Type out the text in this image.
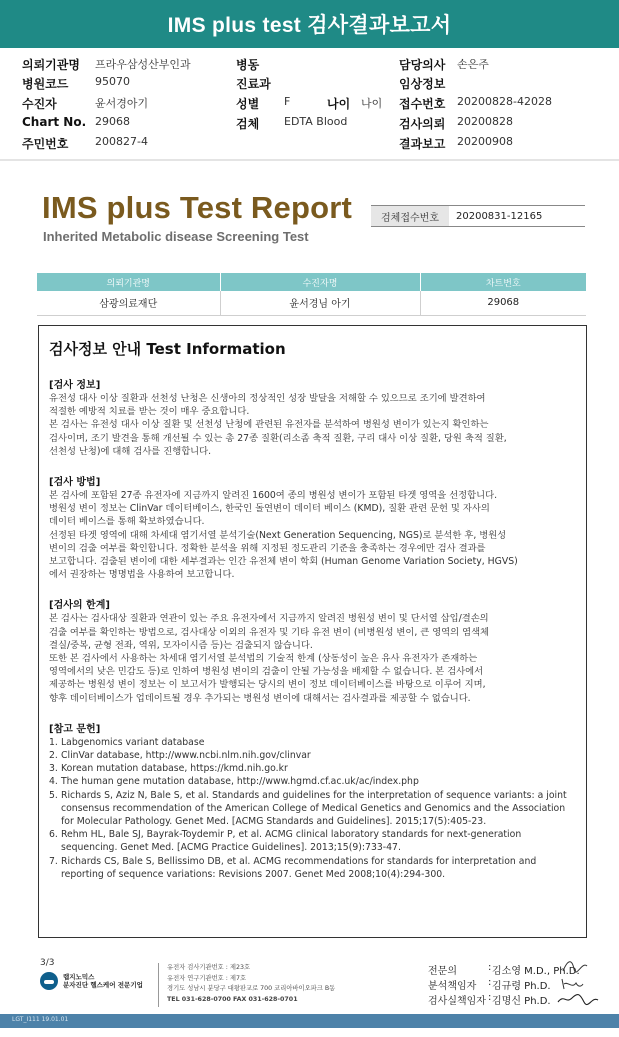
IMS plus test 검사결과보고서
의뢰기관명 프라우삼성산부인과	병동	담당의사 손은주
병원코드 95070	진료과	임상정보
수진자	윤서경아기	성별 F	나이 나이 접수번호 20200828-42028
Chart No. 29068	검체 EDTA Blood	검사의뢰 20200828
주민번호 200827-4	결과보고 20200908
IMS plus Test Report
Inherited Metabolic disease Screening Test
검체접수번호	20200831-12165
의뢰기관명	수진자명	차트번호
삼광의료재단	윤서경님 아기	29068
검사정보 안내 Test Information
[검사 정보]
유전성 대사 이상 질환과 선천성 난청은 신생아의 정상적인 성장 발달을 저해할 수 있으므로 조기에 발견하여
적절한 예방적 치료를 받는 것이 매우 중요합니다.
본 검사는 유전성 대사 이상 질환 및 선천성 난청에 관련된 유전자를 분석하여 병원성 변이가 있는지 확인하는
검사이며, 조기 발견을 통해 개선될 수 있는 총 27종 질환(리소좀 축적 질환, 구리 대사 이상 질환, 당원 축적 질환,
선천성 난청)에 대해 검사를 진행합니다.
[검사 방법]
본 검사에 포함된 27종 유전자에 지금까지 알려진 1600여 종의 병원성 변이가 포함된 타겟 영역을 선정합니다.
병원성 변이 정보는 ClinVar 데이터베이스, 한국인 돌연변이 데이터 베이스 (KMD), 질환 관련 문헌 및 자사의
데이터 베이스를 통해 확보하였습니다.
선정된 타겟 영역에 대해 차세대 염기서열 분석기술(Next Generation Sequencing, NGS)로 분석한 후, 병원성
변이의 검출 여부를 확인합니다. 정확한 분석을 위해 지정된 정도관리 기준을 충족하는 경우에만 검사 결과를
보고합니다. 검출된 변이에 대한 세부결과는 인간 유전체 변이 학회 (Human Genome Variation Society, HGVS)
에서 권장하는 명명법을 사용하여 보고합니다.
[검사의 한계]
본 검사는 검사대상 질환과 연관이 있는 주요 유전자에서 지금까지 알려진 병원성 변이 및 단서열 삽입/결손의
검출 여부를 확인하는 방법으로, 검사대상 이외의 유전자 및 기타 유전 변이 (비병원성 변이, 큰 영역의 염색체
결실/중복, 균형 전좌, 역위, 모자이시즘 등)는 검출되지 않습니다.
또한 본 검사에서 사용하는 차세대 염기서열 분석법의 기술적 한계 (상동성이 높은 유사 유전자가 존재하는
영역에서의 낮은 민감도 등)로 인하여 병원성 변이의 검출이 안될 가능성을 배제할 수 없습니다. 본 검사에서
제공하는 병원성 변이 정보는 이 보고서가 발행되는 당시의 변이 정보 데이터베이스를 바탕으로 이루어 지며,
향후 데이터베이스가 업데이트될 경우 추가되는 병원성 변이에 대해서는 검사결과를 제공할 수 없습니다.
[참고 문헌]
1. Labgenomics variant database
2. ClinVar database, http://www.ncbi.nlm.nih.gov/clinvar
3. Korean mutation database, https://kmd.nih.go.kr
4. The human gene mutation database, http://www.hgmd.cf.ac.uk/ac/index.php
5. Richards S, Aziz N, Bale S, et al. Standards and guidelines for the interpretation of sequence variants: a joint consensus recommendation of the American College of Medical Genetics and Genomics and the Association for Molecular Pathology. Genet Med. [ACMG Standards and Guidelines]. 2015;17(5):405-23.
6. Rehm HL, Bale SJ, Bayrak-Toydemir P, et al. ACMG clinical laboratory standards for next-generation sequencing. Genet Med. [ACMG Practice Guidelines]. 2013;15(9):733-47.
7. Richards CS, Bale S, Bellissimo DB, et al. ACMG recommendations for standards for interpretation and reporting of sequence variations: Revisions 2007. Genet Med 2008;10(4):294-300.
3/3
랩지노믹스
분자진단 헬스케어 전문기업
유전자 검사기관번호 : 제23호
유전자 연구기관번호 : 제7호
경기도 성남시 분당구 대왕판교로 700 코리아바이오파크 B동
TEL 031-628-0700 FAX 031-628-0701
전문의	: 김소영 M.D., Ph.D.
분석책임자	: 김규령 Ph.D.
검사실책임자 : 김명신 Ph.D.
LGT_I111 19.01.01
